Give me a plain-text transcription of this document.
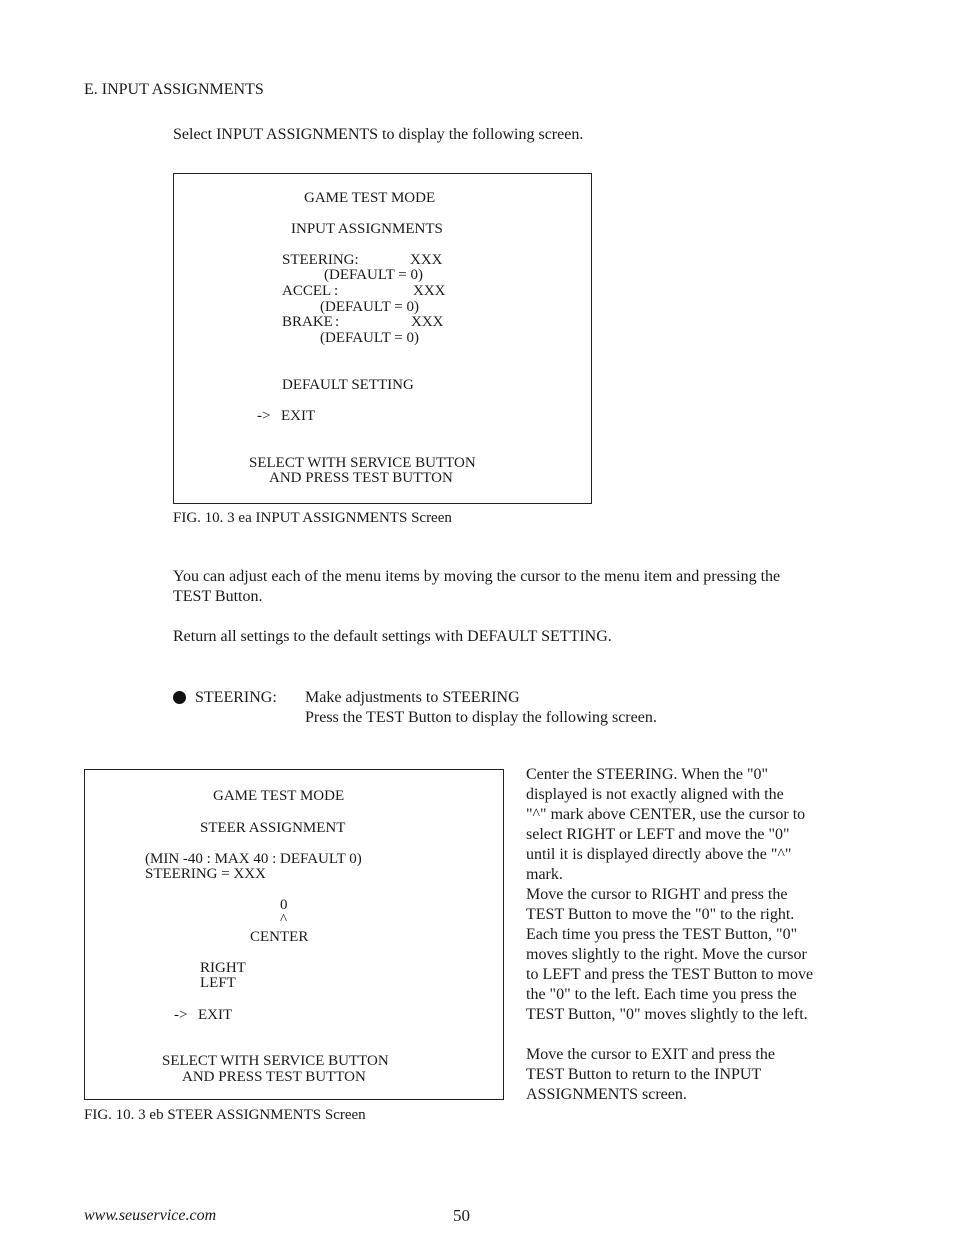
E. INPUT ASSIGNMENTS
Select INPUT ASSIGNMENTS to display the following screen.
GAME TEST MODE
INPUT ASSIGNMENTS
STEERING:	XXX
(DEFAULT = 0)
ACCEL :	XXX
(DEFAULT = 0)
BRAKE :	XXX
(DEFAULT = 0)
DEFAULT SETTING
-> EXIT
SELECT WITH SERVICE BUTTON
AND PRESS TEST BUTTON
FIG. 10. 3 ea INPUT ASSIGNMENTS Screen
You can adjust each of the menu items by moving the cursor to the menu item and pressing the
TEST Button.
Return all settings to the default settings with DEFAULT SETTING.
STEERING: Make adjustments to STEERING
Press the TEST Button to display the following screen.
GAME TEST MODE
STEER ASSIGNMENT
(MIN -40 : MAX 40 : DEFAULT 0)
STEERING = XXX
0
^
CENTER
RIGHT
LEFT
-> EXIT
SELECT WITH SERVICE BUTTON
AND PRESS TEST BUTTON
FIG. 10. 3 eb STEER ASSIGNMENTS Screen
Center the STEERING. When the "0"
displayed is not exactly aligned with the
"^" mark above CENTER, use the cursor to
select RIGHT or LEFT and move the "0"
until it is displayed directly above the "^"
mark.
Move the cursor to RIGHT and press the
TEST Button to move the "0" to the right.
Each time you press the TEST Button, "0"
moves slightly to the right. Move the cursor
to LEFT and press the TEST Button to move
the "0" to the left. Each time you press the
TEST Button, "0" moves slightly to the left.
Move the cursor to EXIT and press the
TEST Button to return to the INPUT
ASSIGNMENTS screen.
www.seuservice.com	50
